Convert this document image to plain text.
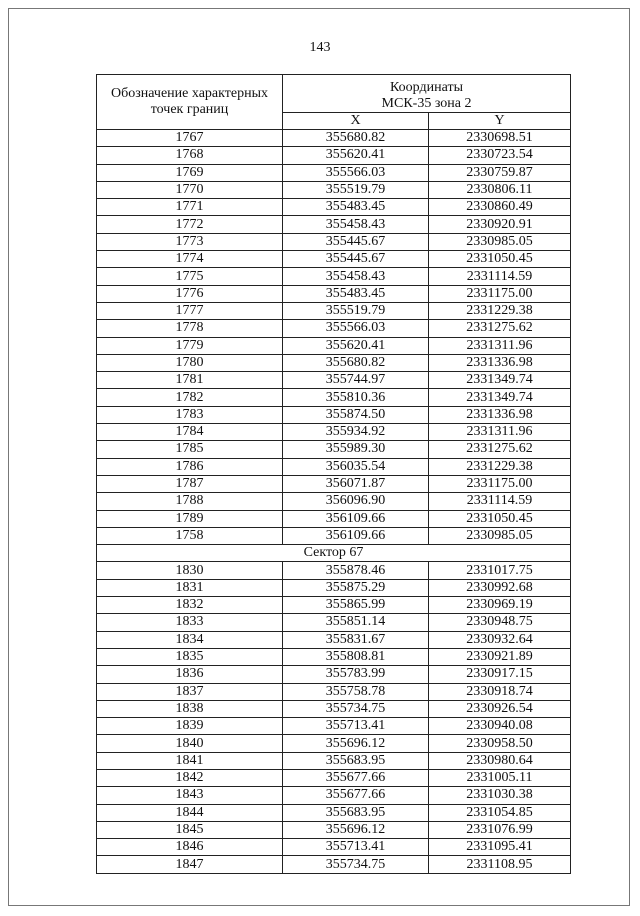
143
Обозначение характерных
точек границ	Координаты
МСК-35 зона 2	

	X	Y
1767	355680.82	2330698.51
1768	355620.41	2330723.54
1769	355566.03	2330759.87
1770	355519.79	2330806.11
1771	355483.45	2330860.49
1772	355458.43	2330920.91
1773	355445.67	2330985.05
1774	355445.67	2331050.45
1775	355458.43	2331114.59
1776	355483.45	2331175.00
1777	355519.79	2331229.38
1778	355566.03	2331275.62
1779	355620.41	2331311.96
1780	355680.82	2331336.98
1781	355744.97	2331349.74
1782	355810.36	2331349.74
1783	355874.50	2331336.98
1784	355934.92	2331311.96
1785	355989.30	2331275.62
1786	356035.54	2331229.38
1787	356071.87	2331175.00
1788	356096.90	2331114.59
1789	356109.66	2331050.45
1758	356109.66	2330985.05
Сектор 67		
1830	355878.46	2331017.75
1831	355875.29	2330992.68
1832	355865.99	2330969.19
1833	355851.14	2330948.75
1834	355831.67	2330932.64
1835	355808.81	2330921.89
1836	355783.99	2330917.15
1837	355758.78	2330918.74
1838	355734.75	2330926.54
1839	355713.41	2330940.08
1840	355696.12	2330958.50
1841	355683.95	2330980.64
1842	355677.66	2331005.11
1843	355677.66	2331030.38
1844	355683.95	2331054.85
1845	355696.12	2331076.99
1846	355713.41	2331095.41
1847	355734.75	2331108.95
